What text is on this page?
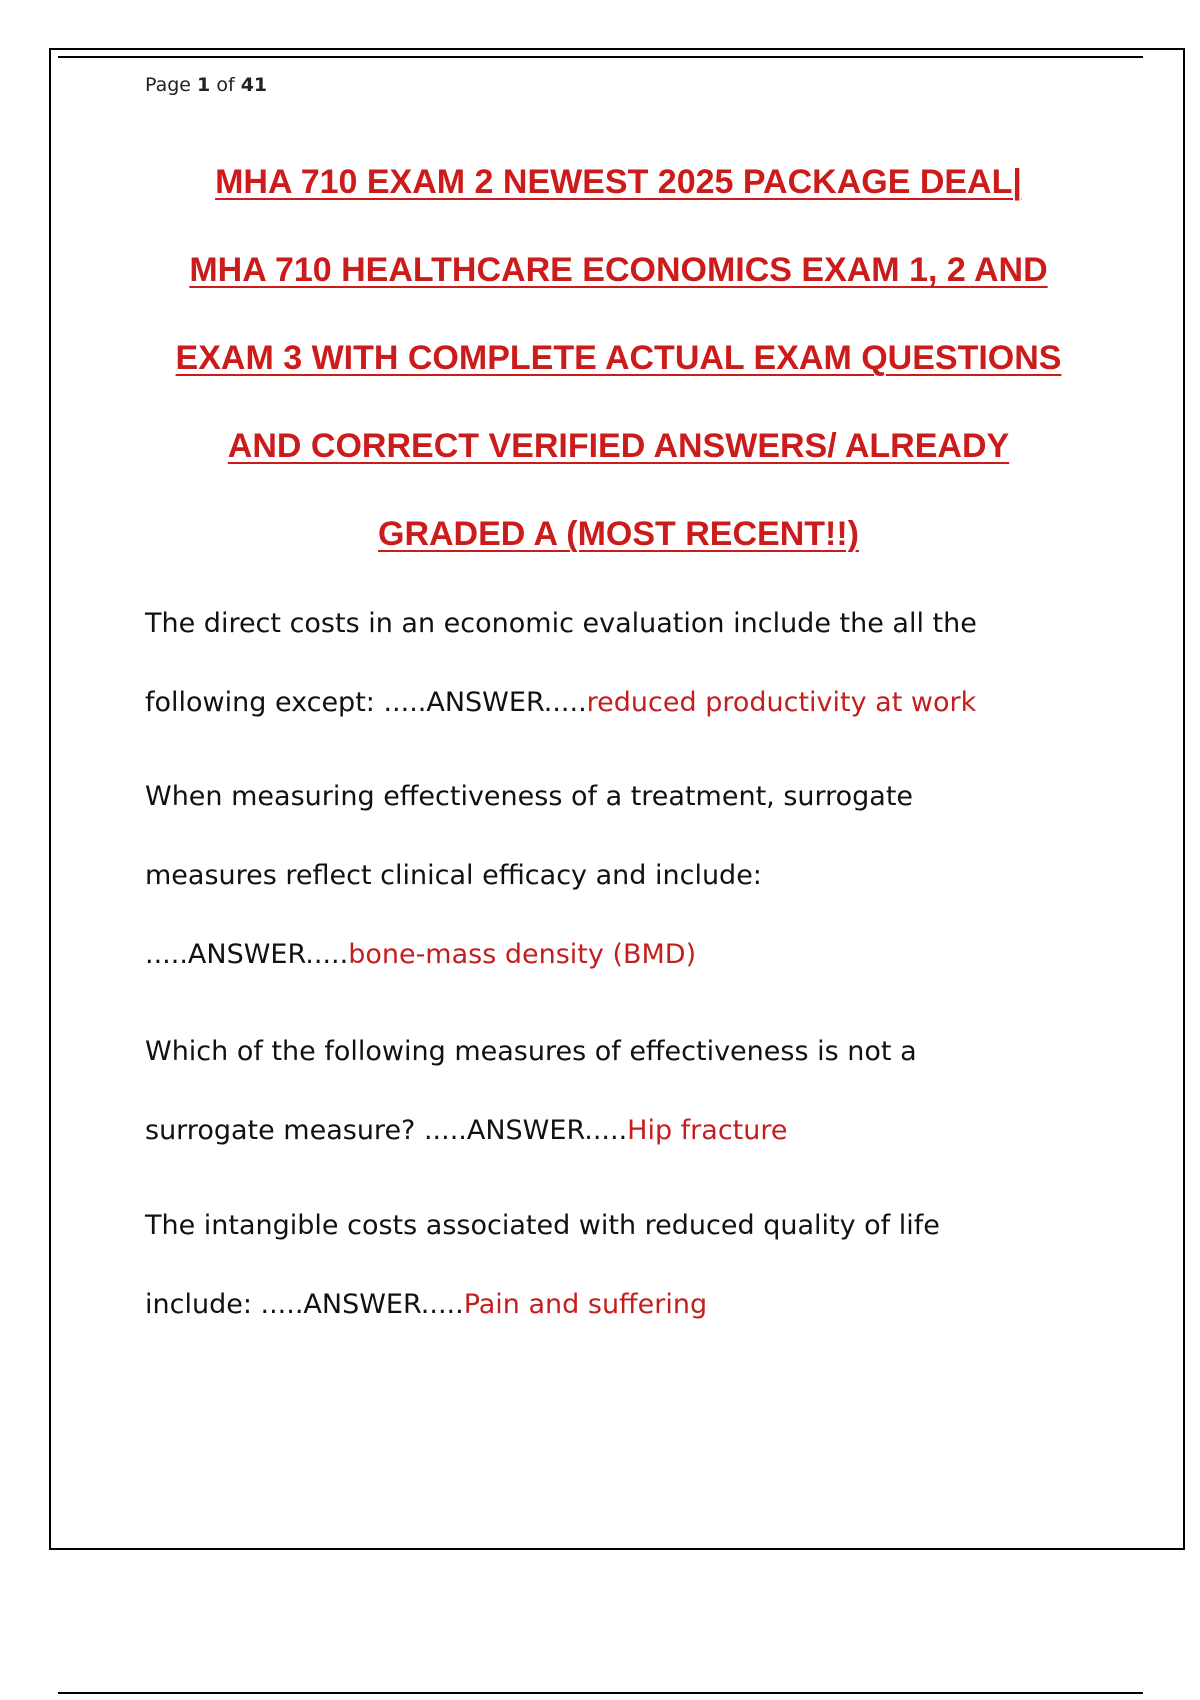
Page 1 of 41
MHA 710 EXAM 2 NEWEST 2025 PACKAGE DEAL|
MHA 710 HEALTHCARE ECONOMICS EXAM 1, 2 AND
EXAM 3 WITH COMPLETE ACTUAL EXAM QUESTIONS
AND CORRECT VERIFIED ANSWERS/ ALREADY
GRADED A (MOST RECENT!!)
The direct costs in an economic evaluation include the all the
following except: .....ANSWER.....reduced productivity at work
When measuring effectiveness of a treatment, surrogate
measures reflect clinical efficacy and include:
.....ANSWER.....bone-mass density (BMD)
Which of the following measures of effectiveness is not a
surrogate measure? .....ANSWER.....Hip fracture
The intangible costs associated with reduced quality of life
include: .....ANSWER.....Pain and suffering
